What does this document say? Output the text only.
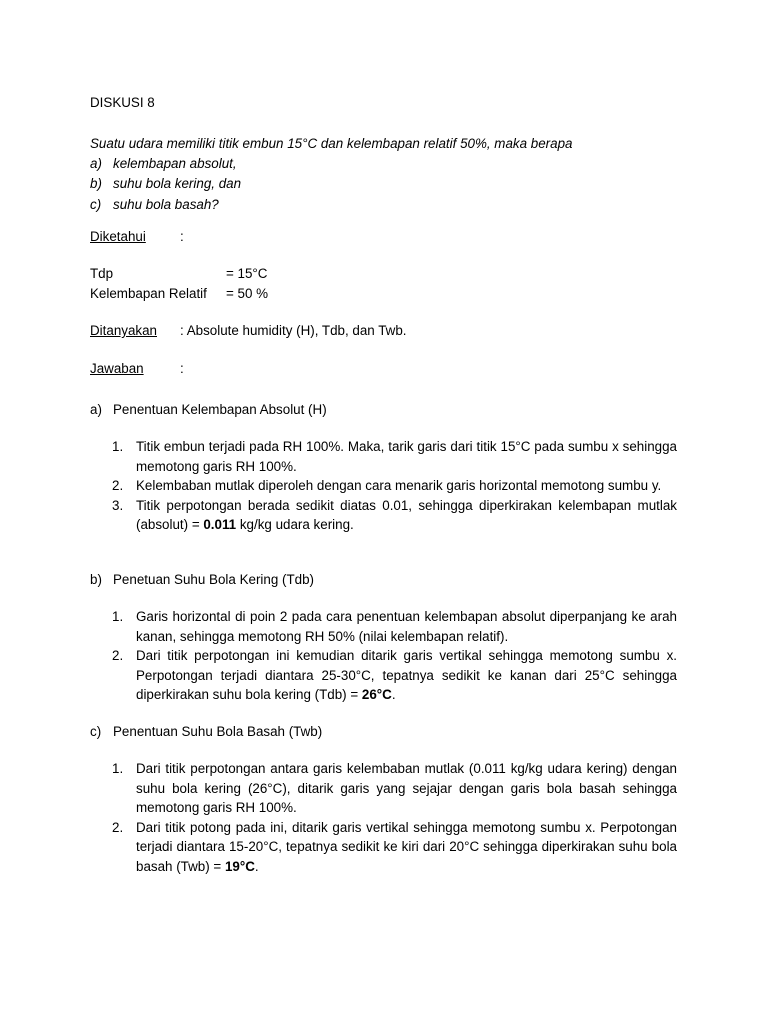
DISKUSI 8
Suatu udara memiliki titik embun 15°C dan kelembapan relatif 50%, maka berapa
a) kelembapan absolut,
b) suhu bola kering, dan
c) suhu bola basah?
Diketahui	:
Tdp	= 15°C
Kelembapan Relatif = 50 %
Ditanyakan : Absolute humidity (H), Tdb, dan Twb.
Jawaban	:
a) Penentuan Kelembapan Absolut (H)
1. Titik embun terjadi pada RH 100%. Maka, tarik garis dari titik 15°C pada sumbu x sehingga memotong garis RH 100%.
2. Kelembaban mutlak diperoleh dengan cara menarik garis horizontal memotong sumbu y.
3. Titik perpotongan berada sedikit diatas 0.01, sehingga diperkirakan kelembapan mutlak (absolut) = 0.011 kg/kg udara kering.
b) Penetuan Suhu Bola Kering (Tdb)
1. Garis horizontal di poin 2 pada cara penentuan kelembapan absolut diperpanjang ke arah kanan, sehingga memotong RH 50% (nilai kelembapan relatif).
2. Dari titik perpotongan ini kemudian ditarik garis vertikal sehingga memotong sumbu x. Perpotongan terjadi diantara 25-30°C, tepatnya sedikit ke kanan dari 25°C sehingga diperkirakan suhu bola kering (Tdb) = 26°C.
c) Penentuan Suhu Bola Basah (Twb)
1. Dari titik perpotongan antara garis kelembaban mutlak (0.011 kg/kg udara kering) dengan suhu bola kering (26°C), ditarik garis yang sejajar dengan garis bola basah sehingga memotong garis RH 100%.
2. Dari titik potong pada ini, ditarik garis vertikal sehingga memotong sumbu x. Perpotongan terjadi diantara 15-20°C, tepatnya sedikit ke kiri dari 20°C sehingga diperkirakan suhu bola basah (Twb) = 19°C.
